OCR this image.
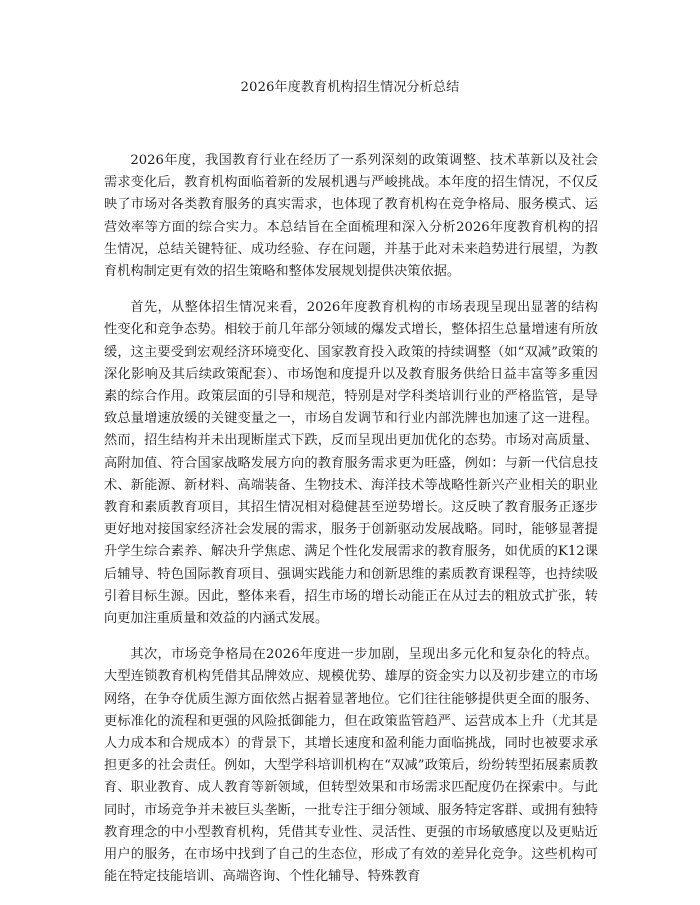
2026年度教育机构招生情况分析总结

2026年度，我国教育行业在经历了一系列深刻的政策调整、技术革新以及社会需求变化后，教育机构面临着新的发展机遇与严峻挑战。本年度的招生情况，不仅反映了市场对各类教育服务的真实需求，也体现了教育机构在竞争格局、服务模式、运营效率等方面的综合实力。本总结旨在全面梳理和深入分析2026年度教育机构的招生情况，总结关键特征、成功经验、存在问题，并基于此对未来趋势进行展望，为教育机构制定更有效的招生策略和整体发展规划提供决策依据。

首先，从整体招生情况来看，2026年度教育机构的市场表现呈现出显著的结构性变化和竞争态势。相较于前几年部分领域的爆发式增长，整体招生总量增速有所放缓，这主要受到宏观经济环境变化、国家教育投入政策的持续调整（如“双减”政策的深化影响及其后续政策配套）、市场饱和度提升以及教育服务供给日益丰富等多重因素的综合作用。政策层面的引导和规范，特别是对学科类培训行业的严格监管，是导致总量增速放缓的关键变量之一，市场自发调节和行业内部洗牌也加速了这一进程。然而，招生结构并未出现断崖式下跌，反而呈现出更加优化的态势。市场对高质量、高附加值、符合国家战略发展方向的教育服务需求更为旺盛，例如：与新一代信息技术、新能源、新材料、高端装备、生物技术、海洋技术等战略性新兴产业相关的职业教育和素质教育项目，其招生情况相对稳健甚至逆势增长。这反映了教育服务正逐步更好地对接国家经济社会发展的需求，服务于创新驱动发展战略。同时，能够显著提升学生综合素养、解决升学焦虑、满足个性化发展需求的教育服务，如优质的K12课后辅导、特色国际教育项目、强调实践能力和创新思维的素质教育课程等，也持续吸引着目标生源。因此，整体来看，招生市场的增长动能正在从过去的粗放式扩张，转向更加注重质量和效益的内涵式发展。

其次，市场竞争格局在2026年度进一步加剧，呈现出多元化和复杂化的特点。大型连锁教育机构凭借其品牌效应、规模优势、雄厚的资金实力以及初步建立的市场网络，在争夺优质生源方面依然占据着显著地位。它们往往能够提供更全面的服务、更标准化的流程和更强的风险抵御能力，但在政策监管趋严、运营成本上升（尤其是人力成本和合规成本）的背景下，其增长速度和盈利能力面临挑战，同时也被要求承担更多的社会责任。例如，大型学科培训机构在“双减”政策后，纷纷转型拓展素质教育、职业教育、成人教育等新领域，但转型效果和市场需求匹配度仍在探索中。与此同时，市场竞争并未被巨头垄断，一批专注于细分领域、服务特定客群、或拥有独特教育理念的中小型教育机构，凭借其专业性、灵活性、更强的市场敏感度以及更贴近用户的服务，在市场中找到了自己的生态位，形成了有效的差异化竞争。这些机构可能在特定技能培训、高端咨询、个性化辅导、特殊教育
